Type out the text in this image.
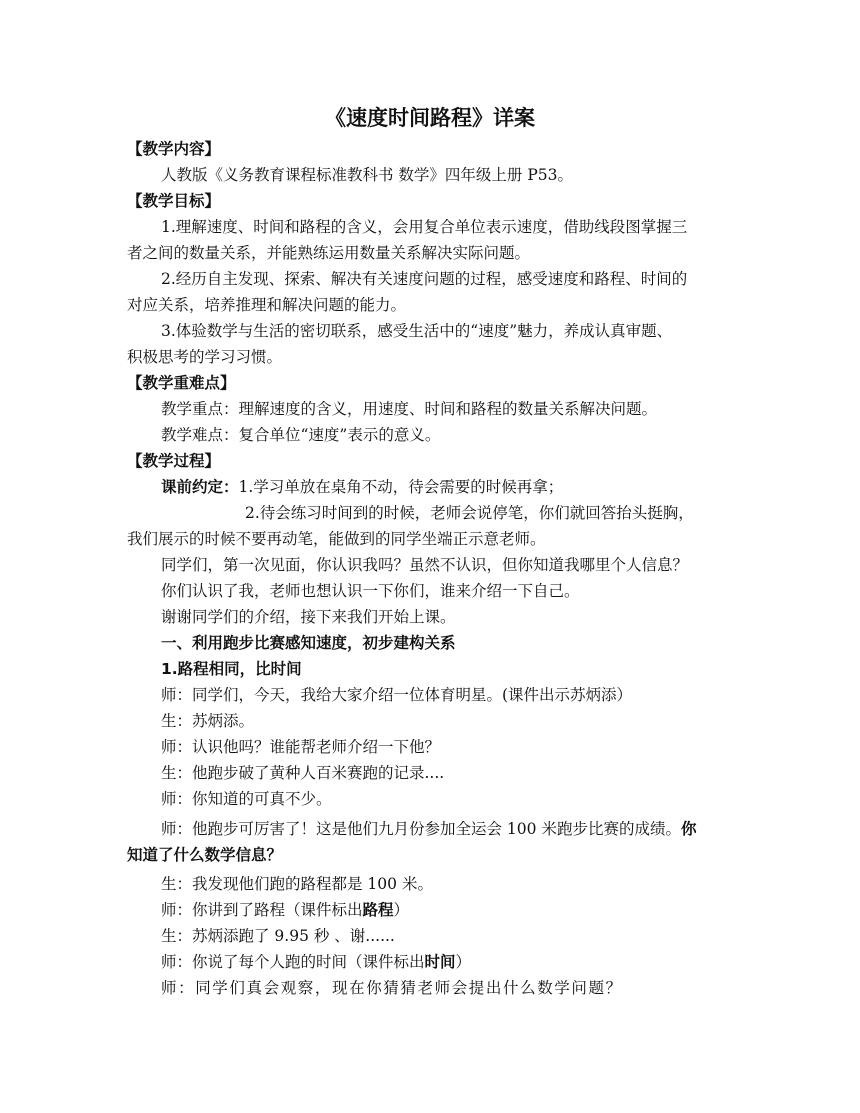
《速度时间路程》详案
【教学内容】
人教版《义务教育课程标准教科书 数学》四年级上册 P53。
【教学目标】
1.理解速度、时间和路程的含义，会用复合单位表示速度，借助线段图掌握三
者之间的数量关系，并能熟练运用数量关系解决实际问题。
2.经历自主发现、探索、解决有关速度问题的过程，感受速度和路程、时间的
对应关系，培养推理和解决问题的能力。
3.体验数学与生活的密切联系，感受生活中的“速度”魅力，养成认真审题、
积极思考的学习习惯。
【教学重难点】
教学重点：理解速度的含义，用速度、时间和路程的数量关系解决问题。
教学难点：复合单位“速度”表示的意义。
【教学过程】
课前约定：1.学习单放在桌角不动，待会需要的时候再拿；
2.待会练习时间到的时候，老师会说停笔，你们就回答抬头挺胸，
我们展示的时候不要再动笔，能做到的同学坐端正示意老师。
同学们，第一次见面，你认识我吗？虽然不认识，但你知道我哪里个人信息？
你们认识了我，老师也想认识一下你们，谁来介绍一下自己。
谢谢同学们的介绍，接下来我们开始上课。
一、利用跑步比赛感知速度，初步建构关系
1.路程相同，比时间
师：同学们，今天，我给大家介绍一位体育明星。(课件出示苏炳添）
生：苏炳添。
师：认识他吗？谁能帮老师介绍一下他？
生：他跑步破了黄种人百米赛跑的记录....
师：你知道的可真不少。
师：他跑步可厉害了！这是他们九月份参加全运会 100 米跑步比赛的成绩。你
知道了什么数学信息？
生：我发现他们跑的路程都是 100 米。
师：你讲到了路程（课件标出路程）
生：苏炳添跑了 9.95 秒 、谢......
师：你说了每个人跑的时间（课件标出时间）
师：同学们真会观察，现在你猜猜老师会提出什么数学问题？
